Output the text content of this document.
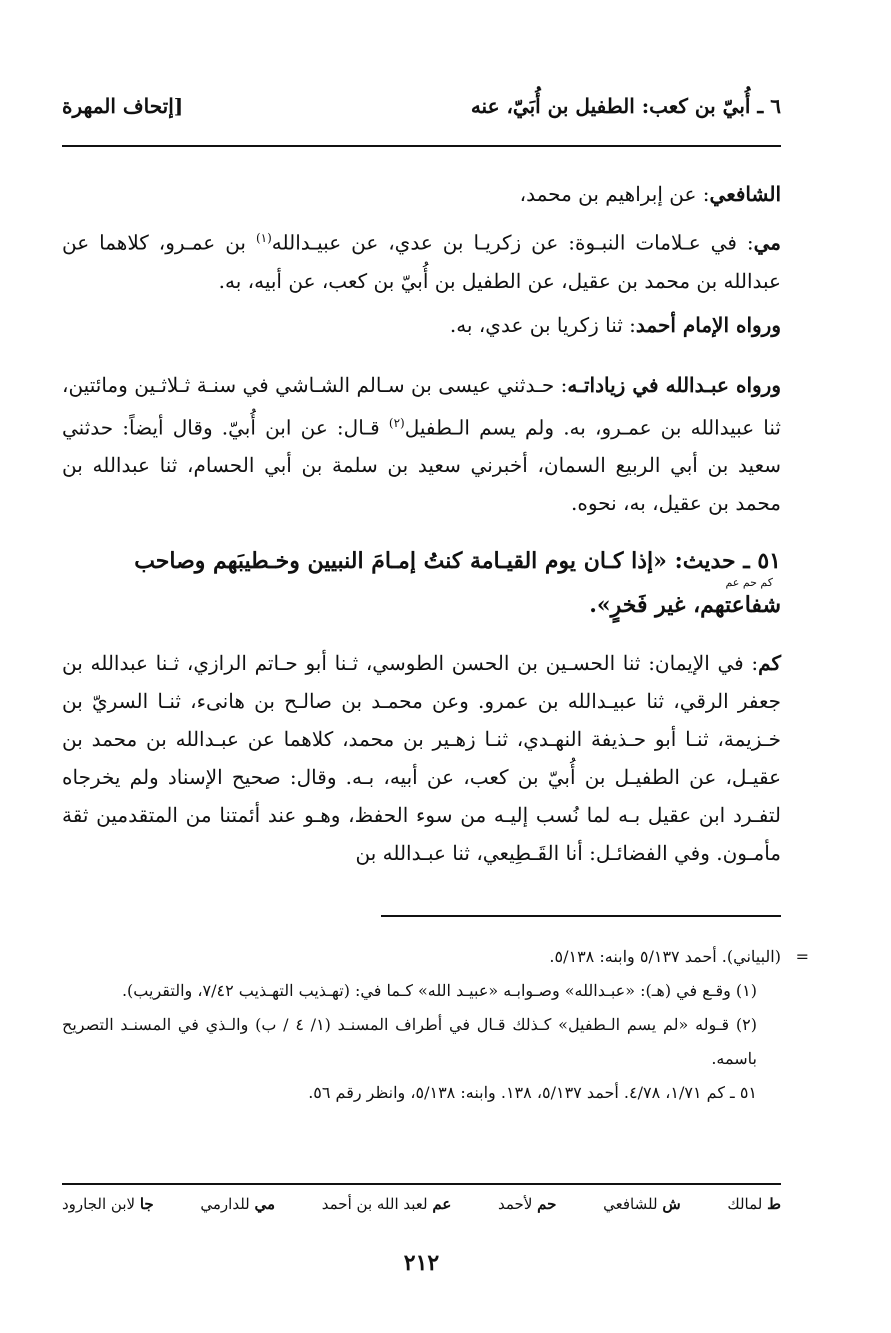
٦ ـ أُبيّ بن كعب: الطفيل بن أُبَيّ، عنه
[إتحاف المهرة

الشافعي: عن إبراهيم بن محمد،

مي: في عـلامات النبـوة: عن زكريـا بن عدي، عن عبيـدالله$^{(١)}$ بن عمـرو، كلاهما عن عبدالله بن محمد بن عقيل، عن الطفيل بن أُبيّ بن كعب، عن أبيه، به.

ورواه الإمام أحمد: ثنا زكريا بن عدي، به.

ورواه عبـدالله في زياداتـه: حـدثني عيسى بن سـالم الشـاشي في سنـة ثـلاثـين ومائتين، ثنا عبيدالله بن عمـرو، به. ولم يسم الـطفيل$^{(٢)}$ قـال: عن ابن أُبيّ. وقال أيضاً: حدثني سعيد بن أبي الربيع السمان، أخبرني سعيد بن سلمة بن أبي الحسام، ثنا عبدالله بن محمد بن عقيل، به، نحوه.

٥١ ـ حديث: «إذا كـان يوم القيـامة كنتُ إمـامَ النبيين وخـطيبَهم وصاحب
كم حم عم
شفاعتهم، غير فَخرٍ».

كم: في الإيمان: ثنا الحسـين بن الحسن الطوسي، ثـنا أبو حـاتم الرازي، ثـنا عبدالله بن جعفر الرقي، ثنا عبيـدالله بن عمرو. وعن محمـد بن صالـح بن هانىء، ثنـا السريّ بن خـزيمة، ثنـا أبو حـذيفة النهـدي، ثنـا زهـير بن محمد، كلاهما عن عبـدالله بن محمد بن عقيـل، عن الطفيـل بن أُبيّ بن كعب، عن أبيه، بـه. وقال: صحيح الإسناد ولم يخرجاه لتفـرد ابن عقيل بـه لما نُسب إليـه من سوء الحفظ، وهـو عند أئمتنا من المتقدمين ثقة مأمـون. وفي الفضائـل: أنا القَـطِيعي، ثنا عبـدالله بن

=
(البياني). أحمد ٥/١٣٧ وابنه: ٥/١٣٨.

(١) وقـع في (هـ): «عبـدالله» وصـوابـه «عبيـد الله» كـما في: (تهـذيب التهـذيب ٧/٤٢، والتقريب).

(٢) قـوله «لم يسم الـطفيل» كـذلك قـال في أطراف المسنـد (١/ ٤ / ب) والـذي في المسنـد التصريح باسمه.

٥١ ـ كم ١/٧١، ٤/٧٨. أحمد ٥/١٣٧، ١٣٨. وابنه: ٥/١٣٨، وانظر رقم ٥٦.

ط لمالك
ش للشافعي
حم لأحمد
عم لعبد الله بن أحمد
مي للدارمي
جا لابن الجارود
٢١٢
